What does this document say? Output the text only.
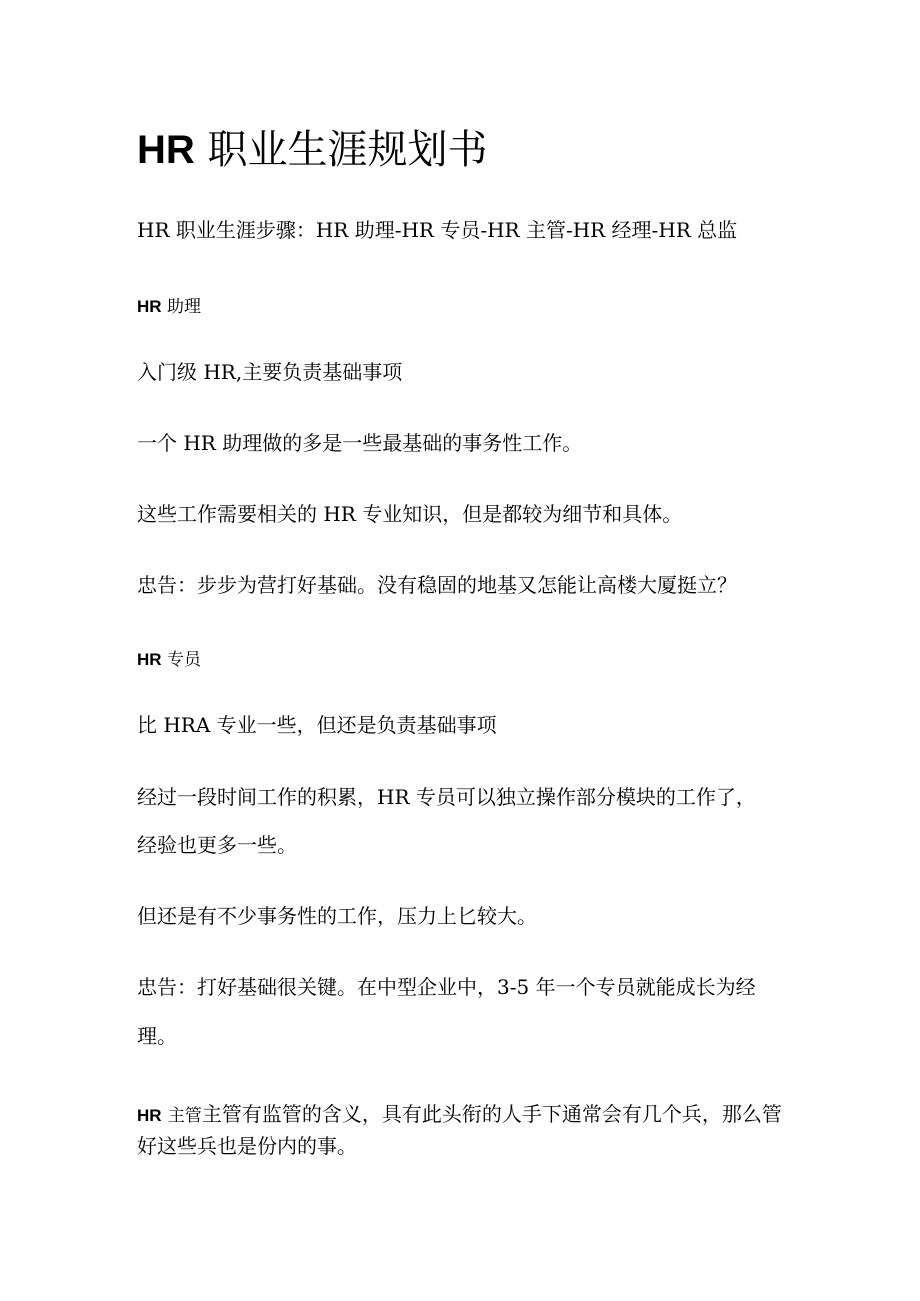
HR 职业生涯规划书

HR 职业生涯步骤：HR 助理-HR 专员-HR 主管-HR 经理-HR 总监

HR 助理

入门级 HR,主要负责基础事项

一个 HR 助理做的多是一些最基础的事务性工作。

这些工作需要相关的 HR 专业知识，但是都较为细节和具体。

忠告：步步为营打好基础。没有稳固的地基又怎能让高楼大厦挺立？

HR 专员

比 HRA 专业一些，但还是负责基础事项

经过一段时间工作的积累，HR 专员可以独立操作部分模块的工作了，

经验也更多一些。

但还是有不少事务性的工作，压力上匕较大。

忠告：打好基础很关键。在中型企业中，3-5 年一个专员就能成长为经

理。

HR 主管主管有监管的含义，具有此头衔的人手下通常会有几个兵，那么管好这些兵也是份内的事。
